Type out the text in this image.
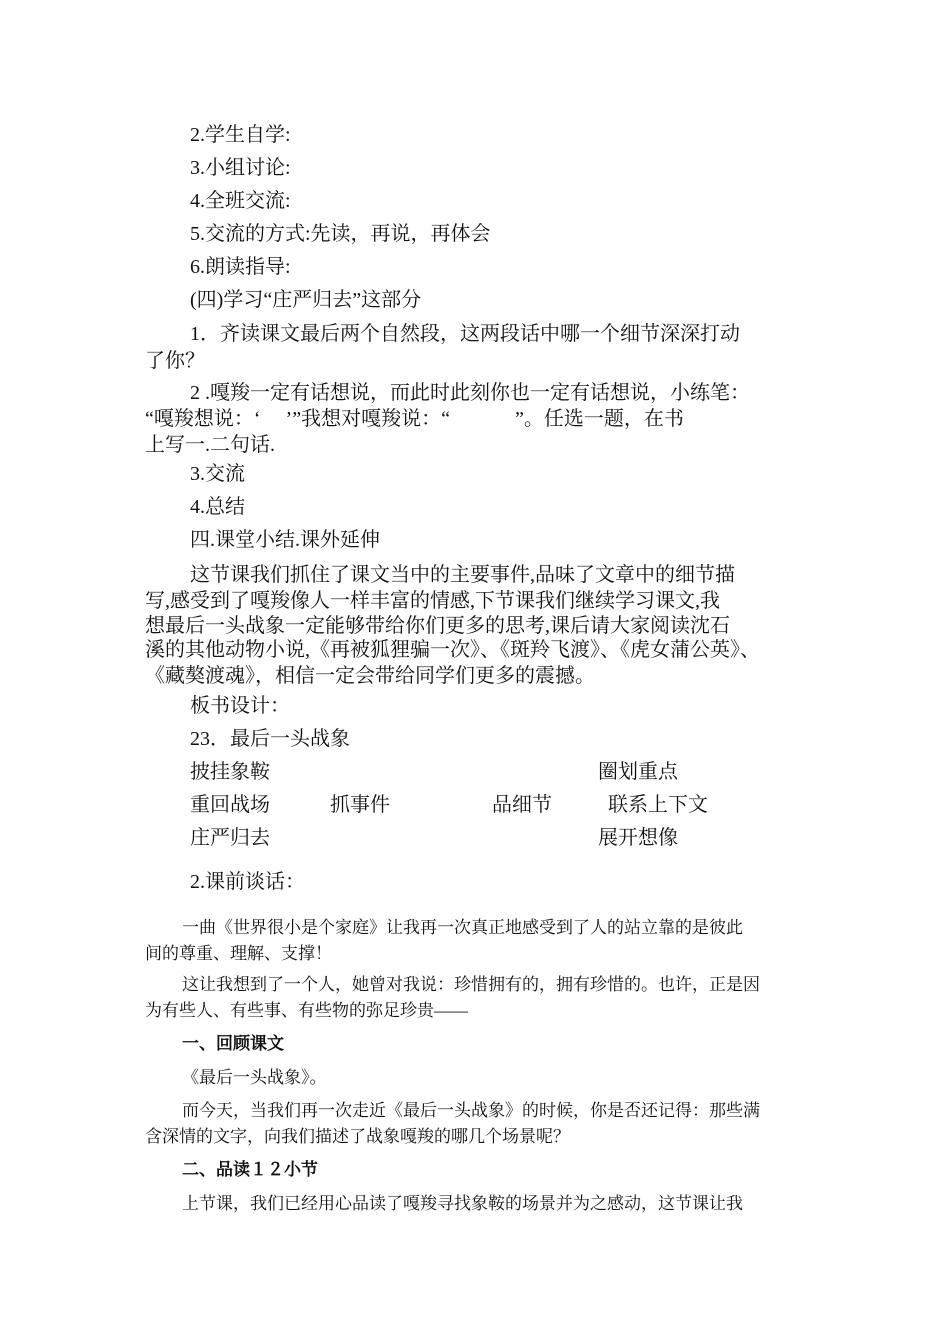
2.学生自学:
3.小组讨论:
4.全班交流:
5.交流的方式:先读，再说，再体会
6.朗读指导:
(四)学习“庄严归去”这部分
1．齐读课文最后两个自然段，这两段话中哪一个细节深深打动
了你？
2 .嘎羧一定有话想说，而此时此刻你也一定有话想说，小练笔：
“嘎羧想说：‘　 ’”我想对嘎羧说：“　　　 ”。任选一题，在书
上写一.二句话.
3.交流
4.总结
四.课堂小结.课外延伸
这节课我们抓住了课文当中的主要事件,品味了文章中的细节描
写,感受到了嘎羧像人一样丰富的情感,下节课我们继续学习课文,我
想最后一头战象一定能够带给你们更多的思考,课后请大家阅读沈石
溪的其他动物小说,《再被狐狸骗一次》、《斑羚飞渡》、《虎女蒲公英》、
《藏獒渡魂》，相信一定会带给同学们更多的震撼。
板书设计：
23．最后一头战象
披挂象鞍	圈划重点
重回战场	抓事件	品细节	联系上下文
庄严归去	展开想像
2.课前谈话：
一曲《世界很小是个家庭》让我再一次真正地感受到了人的站立靠的是彼此
间的尊重、理解、支撑！
这让我想到了一个人，她曾对我说：珍惜拥有的，拥有珍惜的。也许，正是因
为有些人、有些事、有些物的弥足珍贵——
一、回顾课文
《最后一头战象》。
而今天，当我们再一次走近《最后一头战象》的时候，你是否还记得：那些满
含深情的文字，向我们描述了战象嘎羧的哪几个场景呢？
二、品读１２小节
上节课，我们已经用心品读了嘎羧寻找象鞍的场景并为之感动，这节课让我
